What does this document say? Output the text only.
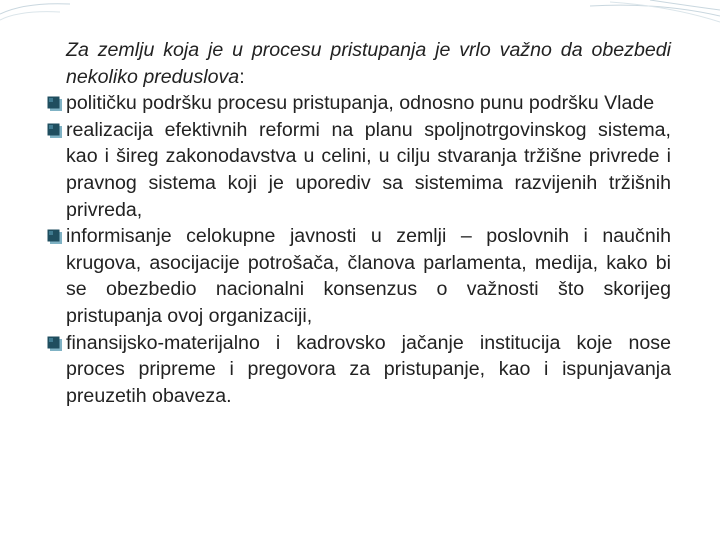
Za zemlju koja je u procesu pristupanja je vrlo važno da obezbedi nekoliko preduslova:

političku podršku procesu pristupanja, odnosno punu podršku Vlade
realizacija efektivnih reformi na planu spoljnotrgovinskog sistema, kao i šireg zakonodavstva u celini, u cilju stvaranja tržišne privrede i pravnog sistema koji je uporediv sa sistemima razvijenih tržišnih privreda,
informisanje celokupne javnosti u zemlji – poslovnih i naučnih krugova, asocijacije potrošača, članova parlamenta, medija, kako bi se obezbedio nacionalni konsenzus o važnosti što skorijeg pristupanja ovoj organizaciji,
finansijsko-materijalno i kadrovsko jačanje institucija koje nose proces pripreme i pregovora za pristupanje, kao i ispunjavanja preuzetih obaveza.
